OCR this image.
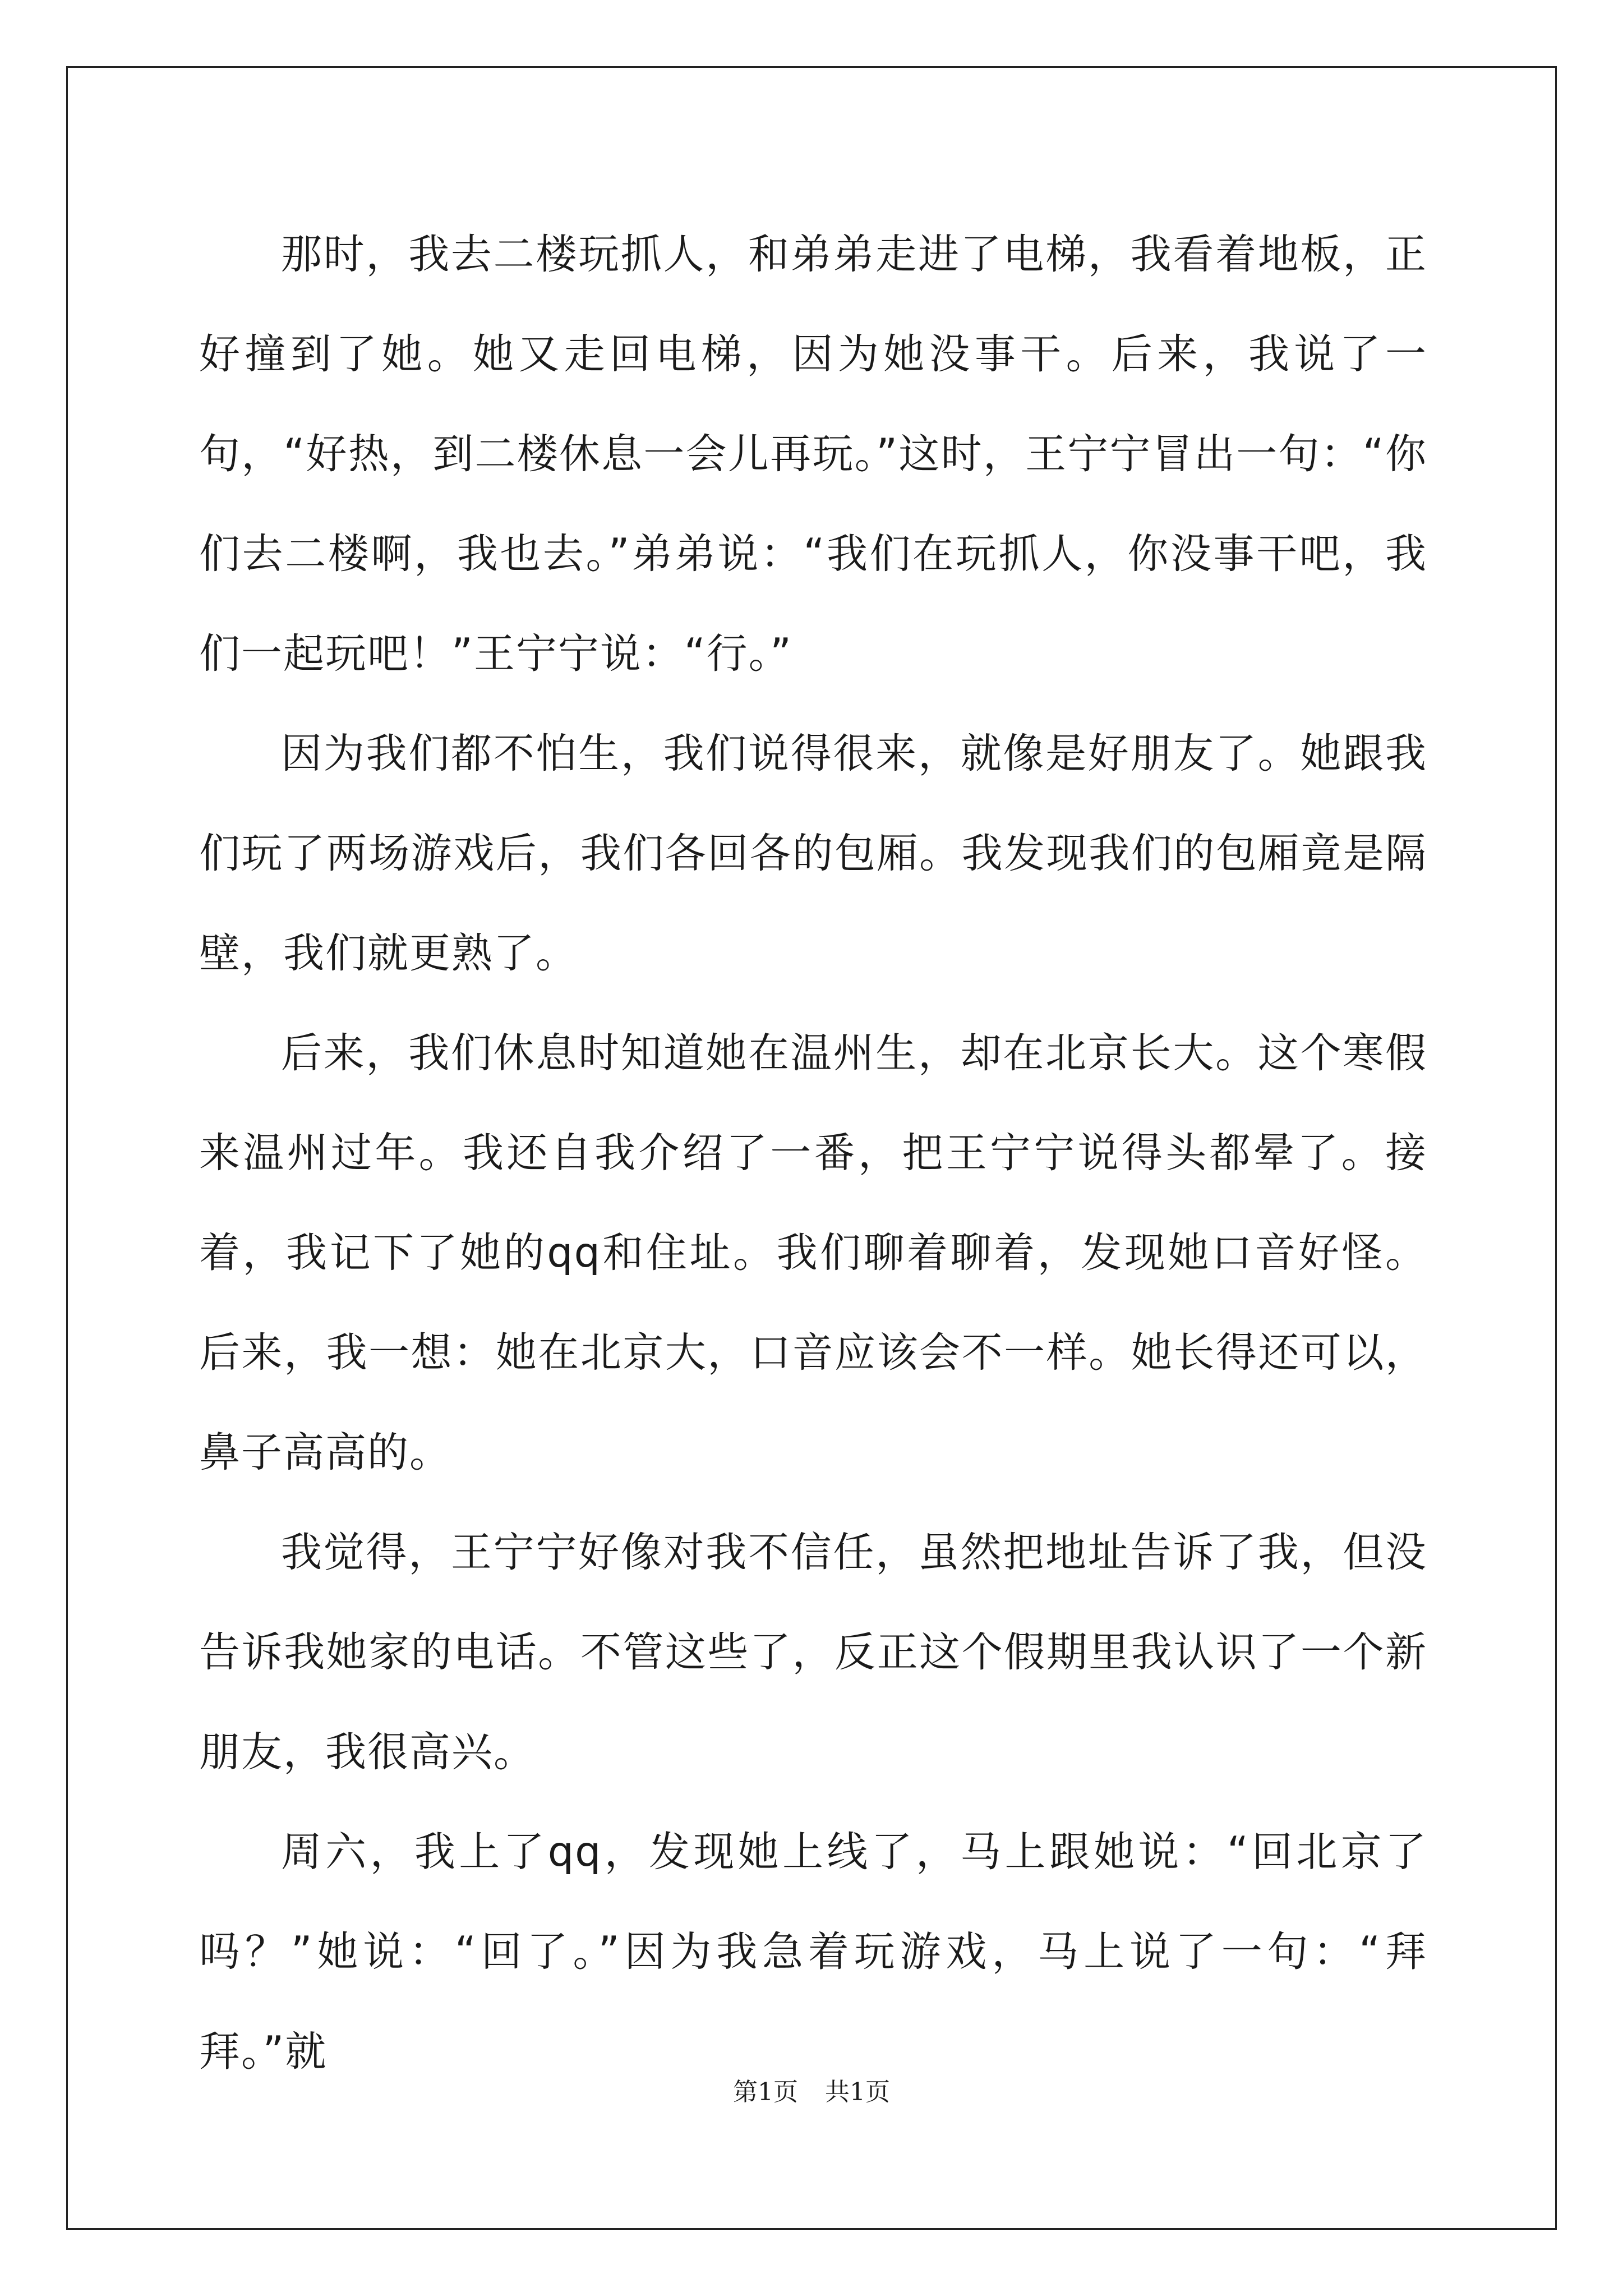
那时，我去二楼玩抓人，和弟弟走进了电梯，我看着地板，正好撞到了她。她又走回电梯，因为她没事干。后来，我说了一句，“好热，到二楼休息一会儿再玩。”这时，王宁宁冒出一句：“你们去二楼啊，我也去。”弟弟说：“我们在玩抓人，你没事干吧，我们一起玩吧！”王宁宁说：“行。”

因为我们都不怕生，我们说得很来，就像是好朋友了。她跟我们玩了两场游戏后，我们各回各的包厢。我发现我们的包厢竟是隔壁，我们就更熟了。

后来，我们休息时知道她在温州生，却在北京长大。这个寒假来温州过年。我还自我介绍了一番，把王宁宁说得头都晕了。接着，我记下了她的qq和住址。我们聊着聊着，发现她口音好怪。后来，我一想：她在北京大，口音应该会不一样。她长得还可以，鼻子高高的。

我觉得，王宁宁好像对我不信任，虽然把地址告诉了我，但没告诉我她家的电话。不管这些了，反正这个假期里我认识了一个新朋友，我很高兴。

周六，我上了qq，发现她上线了，马上跟她说：“回北京了吗？”她说：“回了。”因为我急着玩游戏，马上说了一句：“拜拜。”就

第1页 共1页
